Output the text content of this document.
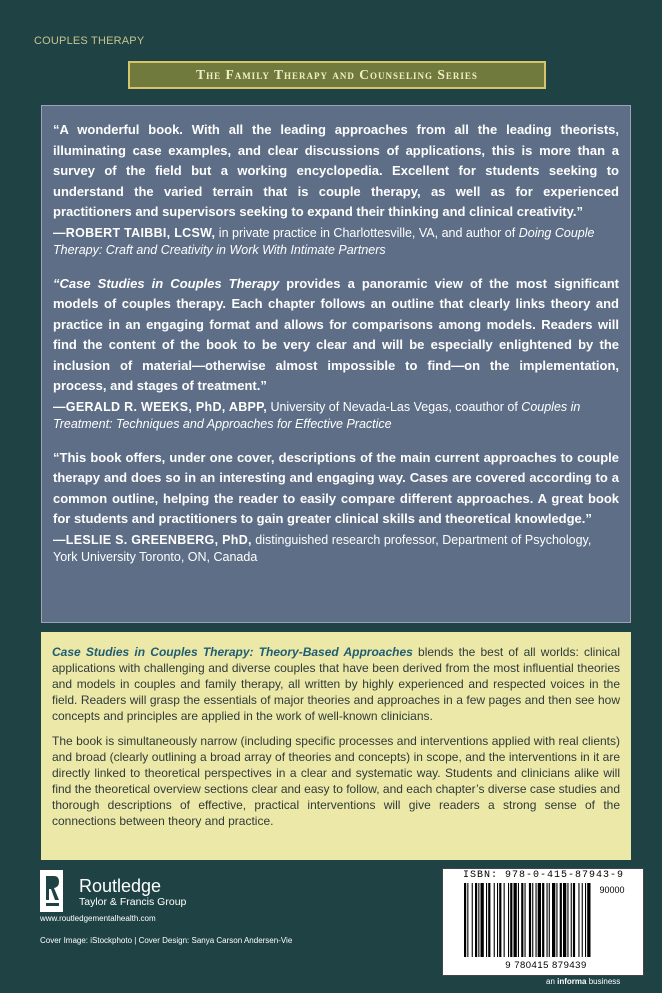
COUPLES THERAPY
The Family Therapy and Counseling Series

“A wonderful book. With all the leading approaches from all the leading theorists, illuminating case examples, and clear discussions of applications, this is more than a survey of the field but a working encyclopedia. Excellent for students seeking to understand the varied terrain that is couple therapy, as well as for experienced practitioners and supervisors seeking to expand their thinking and clinical creativity.”

—ROBERT TAIBBI, LCSW, in private practice in Charlottesville, VA, and author of Doing Couple Therapy: Craft and Creativity in Work With Intimate Partners

“Case Studies in Couples Therapy provides a panoramic view of the most significant models of couples therapy. Each chapter follows an outline that clearly links theory and practice in an engaging format and allows for comparisons among models. Readers will find the content of the book to be very clear and will be especially enlightened by the inclusion of material—otherwise almost impossible to find—on the implementation, process, and stages of treatment.”

—GERALD R. WEEKS, PhD, ABPP, University of Nevada-Las Vegas, coauthor of Couples in Treatment: Techniques and Approaches for Effective Practice

“This book offers, under one cover, descriptions of the main current approaches to couple therapy and does so in an interesting and engaging way. Cases are covered according to a common outline, helping the reader to easily compare different approaches. A great book for students and practitioners to gain greater clinical skills and theoretical knowledge.”

—LESLIE S. GREENBERG, PhD, distinguished research professor, Department of Psychology, York University Toronto, ON, Canada

Case Studies in Couples Therapy: Theory-Based Approaches blends the best of all worlds: clinical applications with challenging and diverse couples that have been derived from the most influential theories and models in couples and family therapy, all written by highly experienced and respected voices in the field. Readers will grasp the essentials of major theories and approaches in a few pages and then see how concepts and principles are applied in the work of well-known clinicians.

The book is simultaneously narrow (including specific processes and interventions applied with real clients) and broad (clearly outlining a broad array of theories and concepts) in scope, and the interventions in it are directly linked to theoretical perspectives in a clear and systematic way. Students and clinicians alike will find the theoretical overview sections clear and easy to follow, and each chapter’s diverse case studies and thorough descriptions of effective, practical interventions will give readers a strong sense of the connections between theory and practice.

Routledge
Taylor & Francis Group
www.routledgementalhealth.com
Cover Image: iStockphoto | Cover Design: Sanya Carson Andersen-Vie
ISBN: 978-0-415-87943-9
90000
9 780415 879439
an informa business
